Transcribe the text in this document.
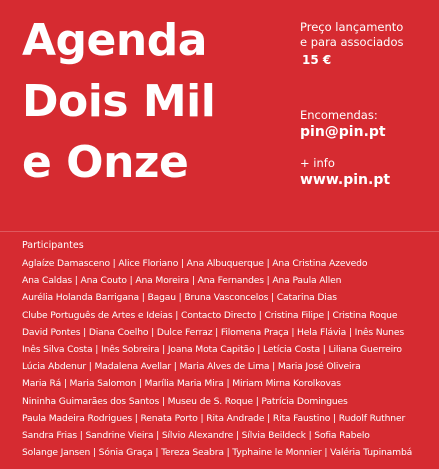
Agenda
Dois Mil
e Onze
Preço lançamento
e para associados
15 €
Encomendas:
pin@pin.pt
+ info
www.pin.pt
Participantes
Aglaíze Damasceno | Alice Floriano | Ana Albuquerque | Ana Cristina Azevedo
Ana Caldas | Ana Couto | Ana Moreira | Ana Fernandes | Ana Paula Allen
Aurélia Holanda Barrigana | Bagau | Bruna Vasconcelos | Catarina Dias
Clube Português de Artes e Ideias | Contacto Directo | Cristina Filipe | Cristina Roque
David Pontes | Diana Coelho | Dulce Ferraz | Filomena Praça | Hela Flávia | Inês Nunes
Inês Silva Costa | Inês Sobreira | Joana Mota Capitão | Letícia Costa | Liliana Guerreiro
Lúcia Abdenur | Madalena Avellar | Maria Alves de Lima | Maria José Oliveira
Maria Rá | Maria Salomon | Marília Maria Mira | Miriam Mirna Korolkovas
Nininha Guimarães dos Santos | Museu de S. Roque | Patrícia Domingues
Paula Madeira Rodrigues | Renata Porto | Rita Andrade | Rita Faustino | Rudolf Ruthner
Sandra Frias | Sandrine Vieira | Sílvio Alexandre | Sílvia Beildeck | Sofia Rabelo
Solange Jansen | Sónia Graça | Tereza Seabra | Typhaine le Monnier | Valéria Tupinambá
